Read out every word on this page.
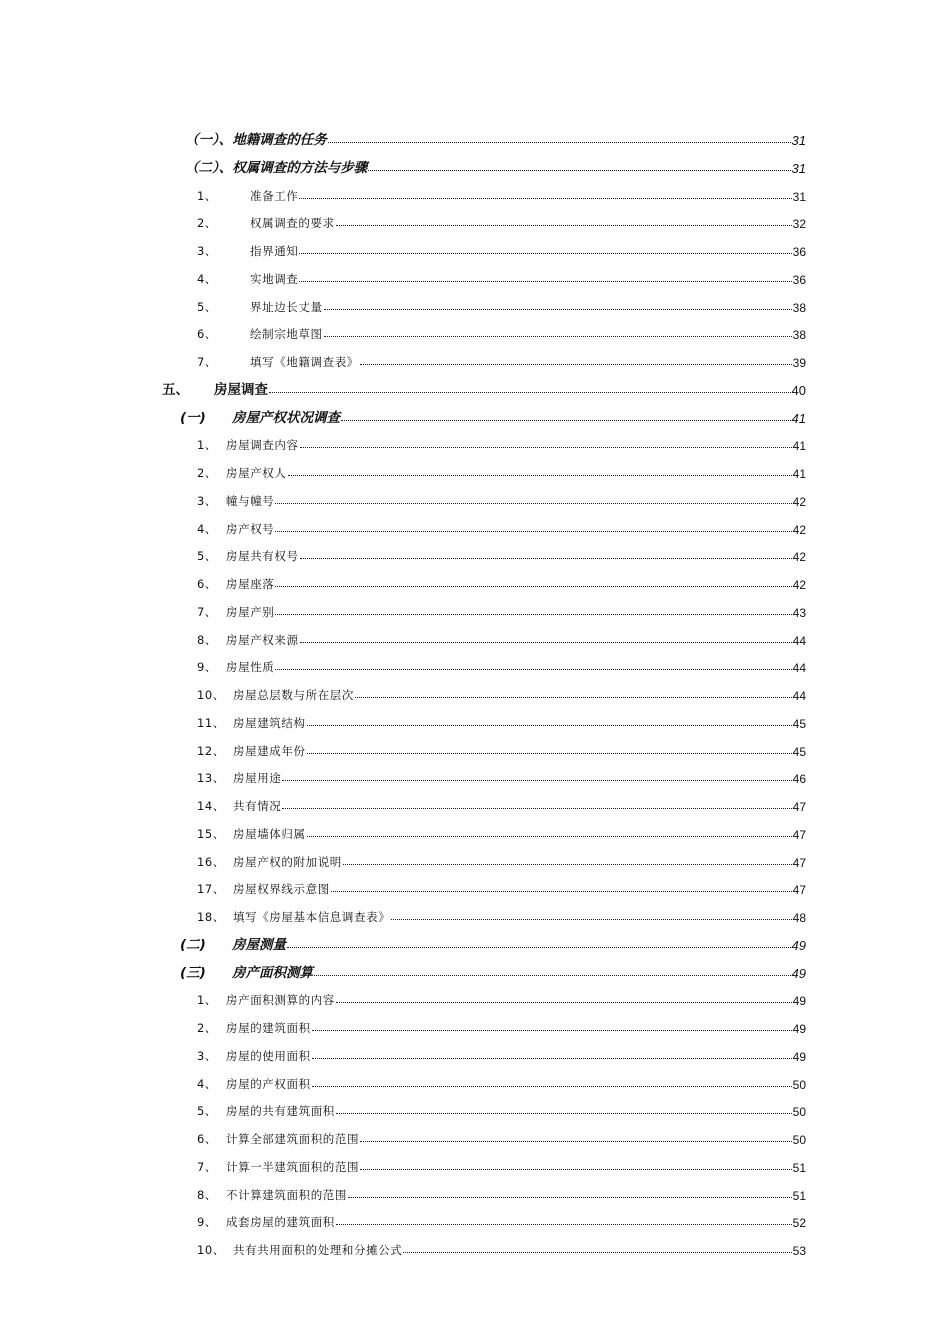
（一）、地籍调查的任务	31
（二）、权属调查的方法与步骤	31
1、	准备工作	31
2、	权属调查的要求	32
3、	指界通知	36
4、	实地调查	36
5、	界址边长丈量	38
6、	绘制宗地草图	38
7、	填写《地籍调查表》	39
五、	房屋调查	40
(一)	房屋产权状况调查	41
1、 房屋调查内容	41
2、 房屋产权人	41
3、 幢与幢号	42
4、 房产权号	42
5、 房屋共有权号	42
6、 房屋座落	42
7、 房屋产别	43
8、 房屋产权来源	44
9、 房屋性质	44
10、 房屋总层数与所在层次	44
11、 房屋建筑结构	45
12、 房屋建成年份	45
13、 房屋用途	46
14、 共有情况	47
15、 房屋墙体归属	47
16、 房屋产权的附加说明	47
17、 房屋权界线示意图	47
18、 填写《房屋基本信息调查表》	48
(二)	房屋测量	49
(三)	房产面积测算	49
1、 房产面积测算的内容	49
2、 房屋的建筑面积	49
3、 房屋的使用面积	49
4、 房屋的产权面积	50
5、 房屋的共有建筑面积	50
6、 计算全部建筑面积的范围	50
7、 计算一半建筑面积的范围	51
8、 不计算建筑面积的范围	51
9、 成套房屋的建筑面积	52
10、 共有共用面积的处理和分摊公式	53
